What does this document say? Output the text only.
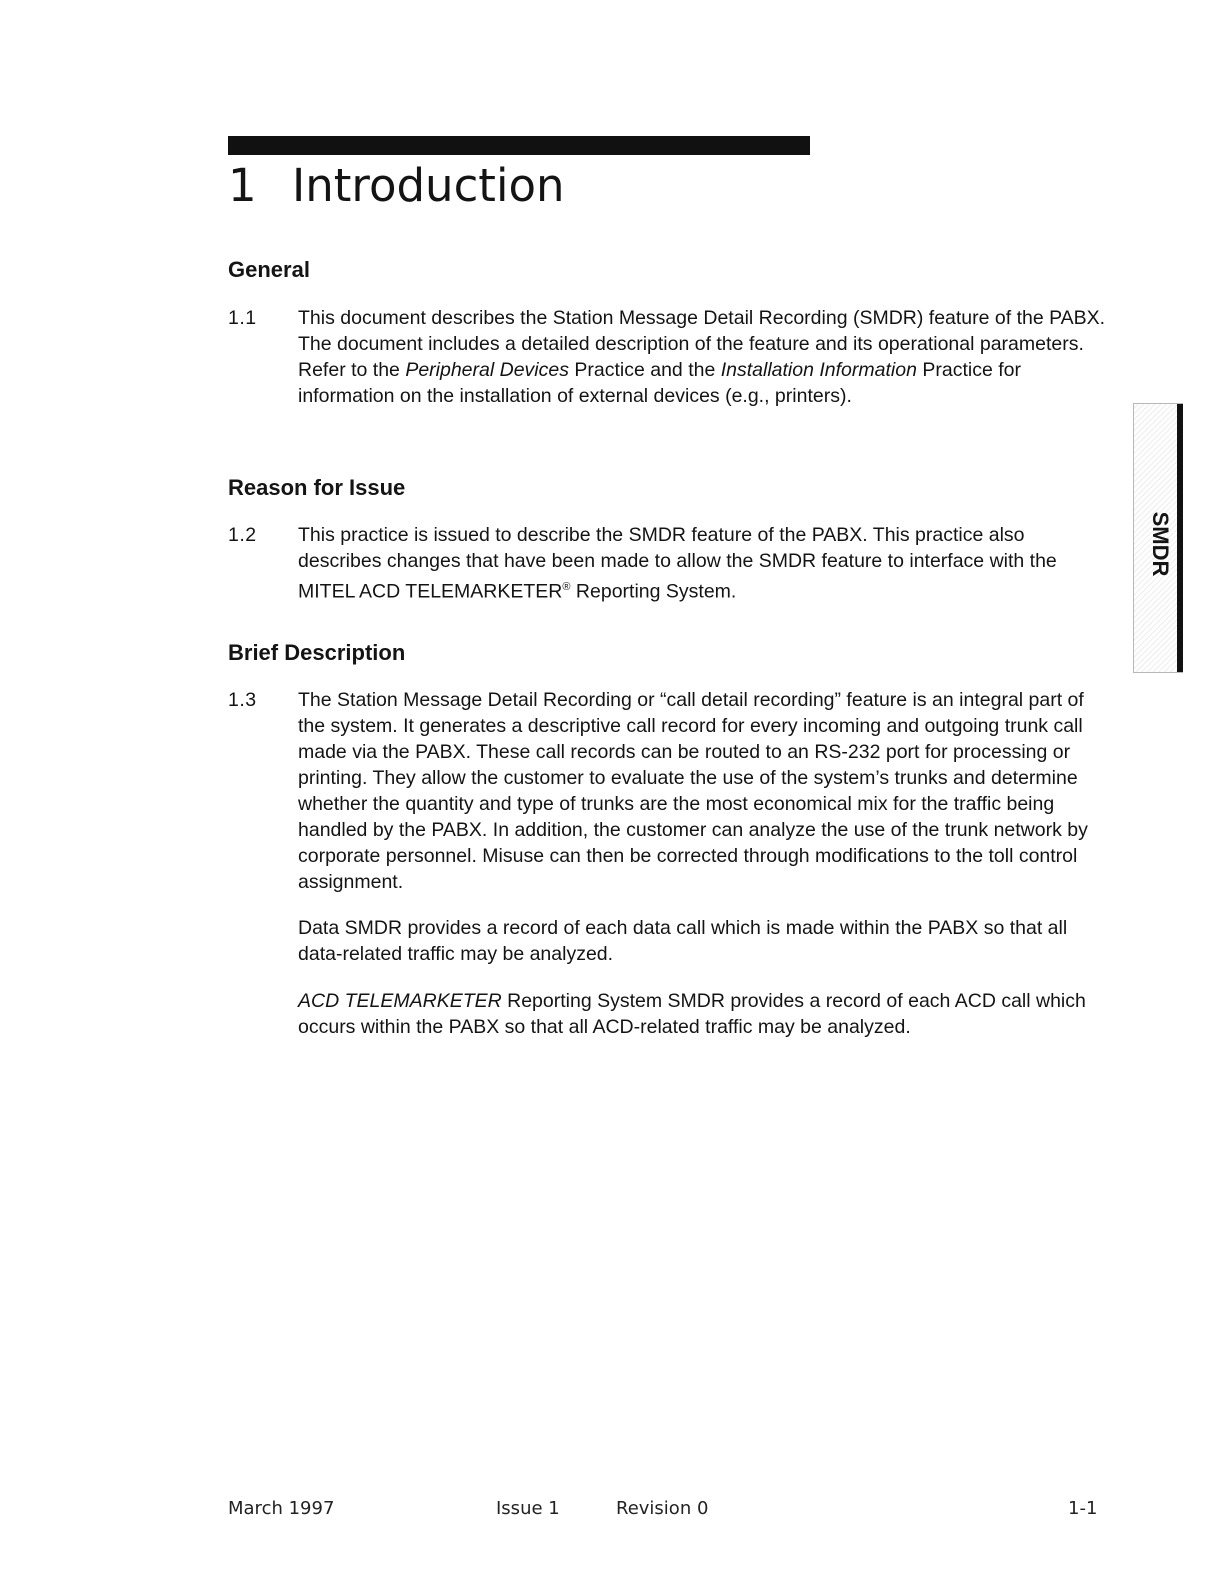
1 Introduction
General
1.1 This document describes the Station Message Detail Recording (SMDR) feature of the PABX. The document includes a detailed description of the feature and its operational parameters. Refer to the Peripheral Devices Practice and the Installation Information Practice for information on the installation of external devices (e.g., printers).

Reason for Issue
1.2 This practice is issued to describe the SMDR feature of the PABX. This practice also describes changes that have been made to allow the SMDR feature to interface with the MITEL ACD TELEMARKETER® Reporting System.

Brief Description
1.3 The Station Message Detail Recording or “call detail recording” feature is an integral part of the system. It generates a descriptive call record for every incoming and outgoing trunk call made via the PABX. These call records can be routed to an RS-232 port for processing or printing. They allow the customer to evaluate the use of the system’s trunks and determine whether the quantity and type of trunks are the most economical mix for the traffic being handled by the PABX. In addition, the customer can analyze the use of the trunk network by corporate personnel. Misuse can then be corrected through modifications to the toll control assignment.

Data SMDR provides a record of each data call which is made within the PABX so that all data-related traffic may be analyzed.

ACD TELEMARKETER Reporting System SMDR provides a record of each ACD call which occurs within the PABX so that all ACD-related traffic may be analyzed.

SMDR
March 1997	Issue 1	Revision 0	1-1
